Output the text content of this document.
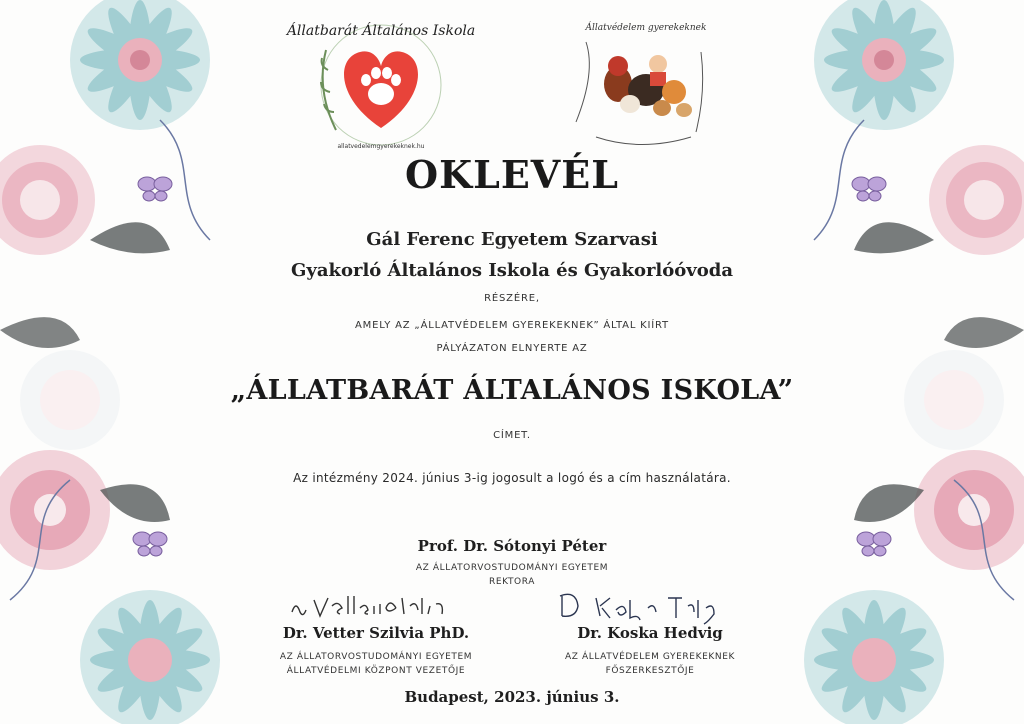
Állatbarát Általános Iskola
allatvedelemgyerekeknek.hu
Állatvédelem gyerekeknek
OKLEVÉL
Gál Ferenc Egyetem Szarvasi
Gyakorló Általános Iskola és Gyakorlóóvoda
RÉSZÉRE,
AMELY AZ „ÁLLATVÉDELEM GYEREKEKNEK” ÁLTAL KIÍRT
PÁLYÁZATON ELNYERTE AZ
„ÁLLATBARÁT ÁLTALÁNOS ISKOLA”
CÍMET.
Az intézmény 2024. június 3-ig jogosult a logó és a cím használatára.
Prof. Dr. Sótonyi Péter
AZ ÁLLATORVOSTUDOMÁNYI EGYETEM
REKTORA
Dr. Vetter Szilvia PhD.
AZ ÁLLATORVOSTUDOMÁNYI EGYETEM
ÁLLATVÉDELMI KÖZPONT VEZETŐJE
Dr. Koska Hedvig
AZ ÁLLATVÉDELEM GYEREKEKNEK
FŐSZERKESZTŐJE
Budapest, 2023. június 3.
